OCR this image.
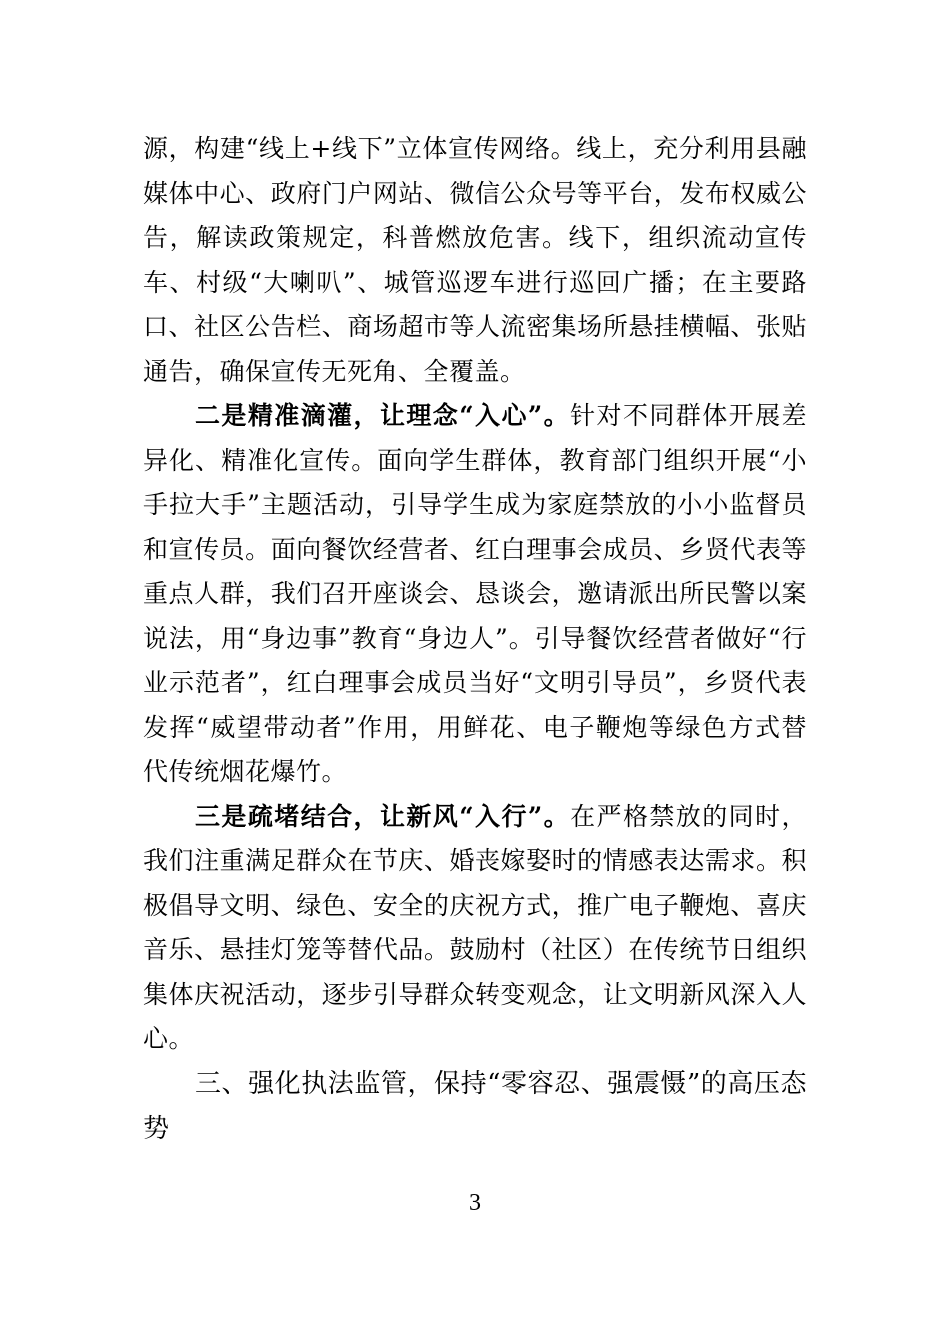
源，构建“线上+线下”立体宣传网络。线上，充分利用县融媒体中心、政府门户网站、微信公众号等平台，发布权威公告，解读政策规定，科普燃放危害。线下，组织流动宣传车、村级“大喇叭”、城管巡逻车进行巡回广播；在主要路口、社区公告栏、商场超市等人流密集场所悬挂横幅、张贴通告，确保宣传无死角、全覆盖。

二是精准滴灌，让理念“入心”。针对不同群体开展差异化、精准化宣传。面向学生群体，教育部门组织开展“小手拉大手”主题活动，引导学生成为家庭禁放的小小监督员和宣传员。面向餐饮经营者、红白理事会成员、乡贤代表等重点人群，我们召开座谈会、恳谈会，邀请派出所民警以案说法，用“身边事”教育“身边人”。引导餐饮经营者做好“行业示范者”，红白理事会成员当好“文明引导员”，乡贤代表发挥“威望带动者”作用，用鲜花、电子鞭炮等绿色方式替代传统烟花爆竹。

三是疏堵结合，让新风“入行”。在严格禁放的同时，我们注重满足群众在节庆、婚丧嫁娶时的情感表达需求。积极倡导文明、绿色、安全的庆祝方式，推广电子鞭炮、喜庆音乐、悬挂灯笼等替代品。鼓励村（社区）在传统节日组织集体庆祝活动，逐步引导群众转变观念，让文明新风深入人心。

三、强化执法监管，保持“零容忍、强震慑”的高压态势

3
